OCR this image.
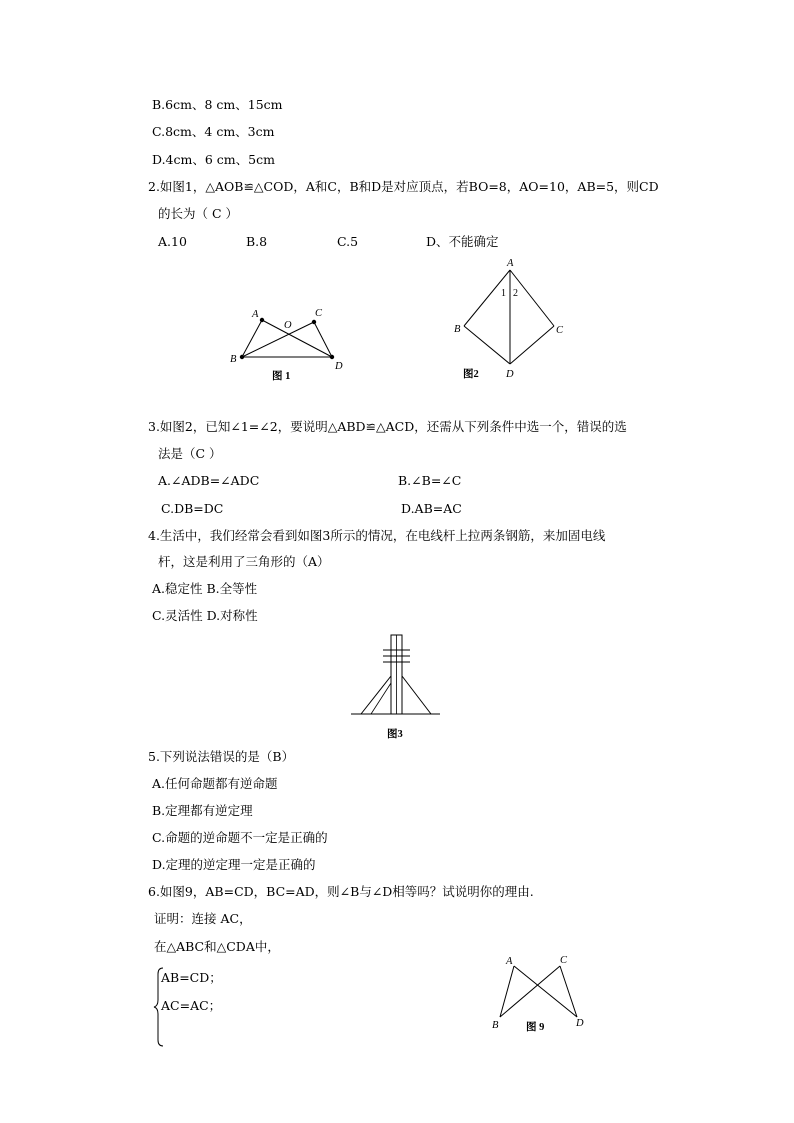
B.6cm、8 cm、15cm
C.8cm、4 cm、3cm
D.4cm、6 cm、5cm
2.如图1，△AOB≌△COD，A和C，B和D是对应顶点，若BO=8，AO=10，AB=5，则CD
的长为（ C ）
A.10	B.8	C.5	D、不能确定
A
O
C
B
D
图 1
A
B	C
D
1 2
图2
3.如图2，已知∠1=∠2，要说明△ABD≌△ACD，还需从下列条件中选一个，错误的选
法是（C ）
A.∠ADB=∠ADC	B.∠B=∠C
C.DB=DC	D.AB=AC
4.生活中，我们经常会看到如图3所示的情况，在电线杆上拉两条钢筋，来加固电线
杆，这是利用了三角形的（A）
A.稳定性 B.全等性
C.灵活性 D.对称性
图3
5.下列说法错误的是（B）
A.任何命题都有逆命题
B.定理都有逆定理
C.命题的逆命题不一定是正确的
D.定理的逆定理一定是正确的
6.如图9，AB=CD，BC=AD，则∠B与∠D相等吗？试说明你的理由.
证明：连接 AC，
在△ABC和△CDA中，
AB=CD；
AC=AC；
A	C
B	D
图 9
